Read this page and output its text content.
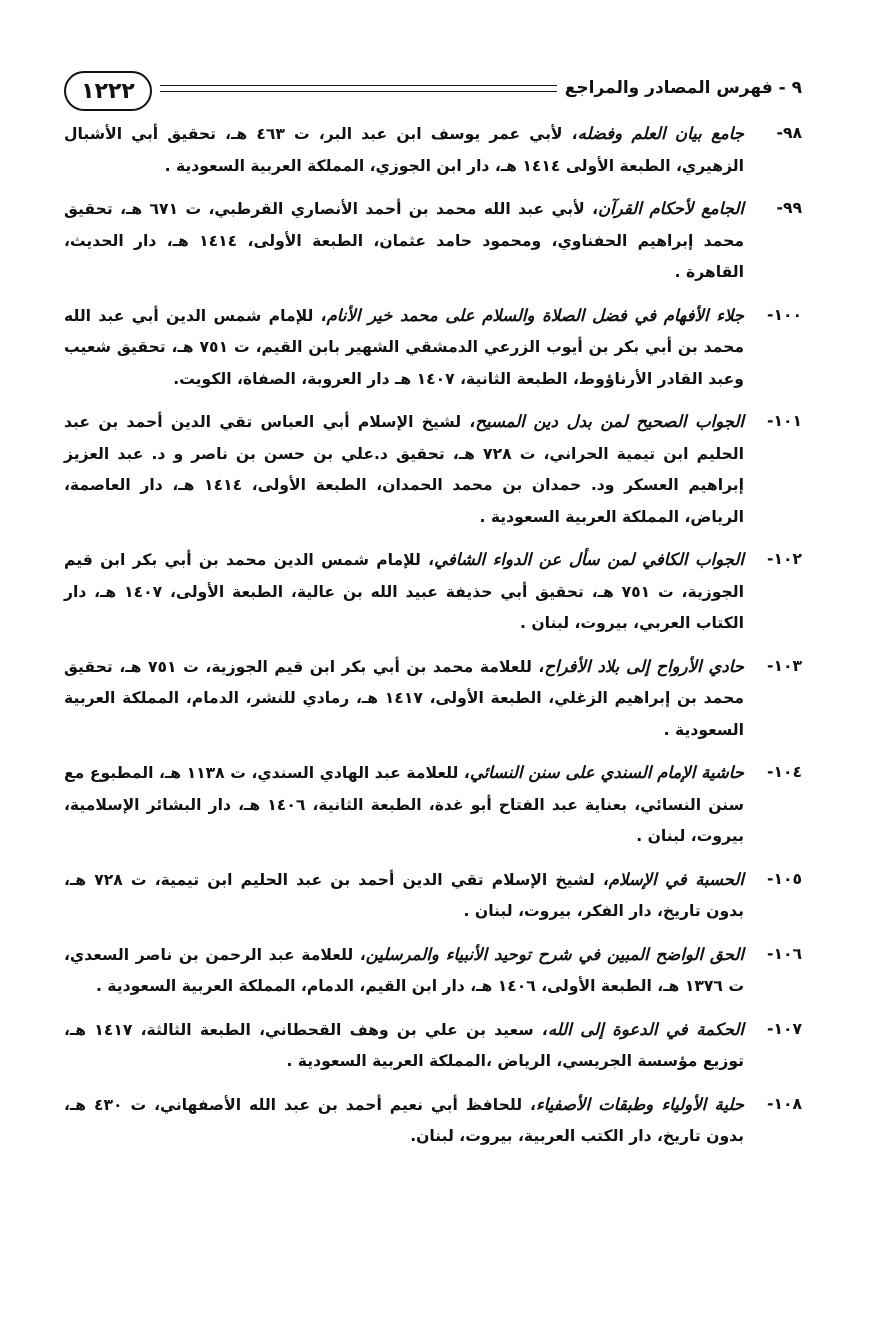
٩ - فهرس المصادر والمراجع
١٢٢٢
٩٨-
جامع بيان العلم وفضله، لأبي عمر يوسف ابن عبد البر، ت ٤٦٣ هـ، تحقيق أبي الأشبال الزهيري، الطبعة الأولى ١٤١٤ هـ، دار ابن الجوزي، المملكة العربية السعودية .
٩٩-
الجامع لأحكام القرآن، لأبي عبد الله محمد بن أحمد الأنصاري القرطبي، ت ٦٧١ هـ، تحقيق محمد إبراهيم الحفناوي، ومحمود حامد عثمان، الطبعة الأولى، ١٤١٤ هـ، دار الحديث، القاهرة .
١٠٠-
جلاء الأفهام في فضل الصلاة والسلام على محمد خير الأنام، للإمام شمس الدين أبي عبد الله محمد بن أبي بكر بن أيوب الزرعي الدمشقي الشهير بابن القيم، ت ٧٥١ هـ، تحقيق شعيب وعبد القادر الأرناؤوط، الطبعة الثانية، ١٤٠٧ هـ دار العروبة، الصفاة، الكويت.
١٠١-
الجواب الصحيح لمن بدل دين المسيح، لشيخ الإسلام أبي العباس تقي الدين أحمد بن عبد الحليم ابن تيمية الحراني، ت ٧٢٨ هـ، تحقيق د.علي بن حسن بن ناصر و د. عبد العزيز إبراهيم العسكر ود. حمدان بن محمد الحمدان، الطبعة الأولى، ١٤١٤ هـ، دار العاصمة، الرياض، المملكة العربية السعودية .
١٠٢-
الجواب الكافي لمن سأل عن الدواء الشافي، للإمام شمس الدين محمد بن أبي بكر ابن قيم الجوزية، ت ٧٥١ هـ، تحقيق أبي حذيفة عبيد الله بن عالية، الطبعة الأولى، ١٤٠٧ هـ، دار الكتاب العربي، بيروت، لبنان .
١٠٣-
حادي الأرواح إلى بلاد الأفراح، للعلامة محمد بن أبي بكر ابن قيم الجوزية، ت ٧٥١ هـ، تحقيق محمد بن إبراهيم الزغلي، الطبعة الأولى، ١٤١٧ هـ، رمادي للنشر، الدمام، المملكة العربية السعودية .
١٠٤-
حاشية الإمام السندي على سنن النسائي، للعلامة عبد الهادي السندي، ت ١١٣٨ هـ، المطبوع مع سنن النسائي، بعناية عبد الفتاح أبو غدة، الطبعة الثانية، ١٤٠٦ هـ، دار البشائر الإسلامية، بيروت، لبنان .
١٠٥-
الحسبة في الإسلام، لشيخ الإسلام تقي الدين أحمد بن عبد الحليم ابن تيمية، ت ٧٢٨ هـ، بدون تاريخ، دار الفكر، بيروت، لبنان .
١٠٦-
الحق الواضح المبين في شرح توحيد الأنبياء والمرسلين، للعلامة عبد الرحمن بن ناصر السعدي، ت ١٣٧٦ هـ، الطبعة الأولى، ١٤٠٦ هـ، دار ابن القيم، الدمام، المملكة العربية السعودية .
١٠٧-
الحكمة في الدعوة إلى الله، سعيد بن علي بن وهف القحطاني، الطبعة الثالثة، ١٤١٧ هـ، توزيع مؤسسة الجريسي، الرياض ،المملكة العربية السعودية .
١٠٨-
حلية الأولياء وطبقات الأصفياء، للحافظ أبي نعيم أحمد بن عبد الله الأصفهاني، ت ٤٣٠ هـ، بدون تاريخ، دار الكتب العربية، بيروت، لبنان.
